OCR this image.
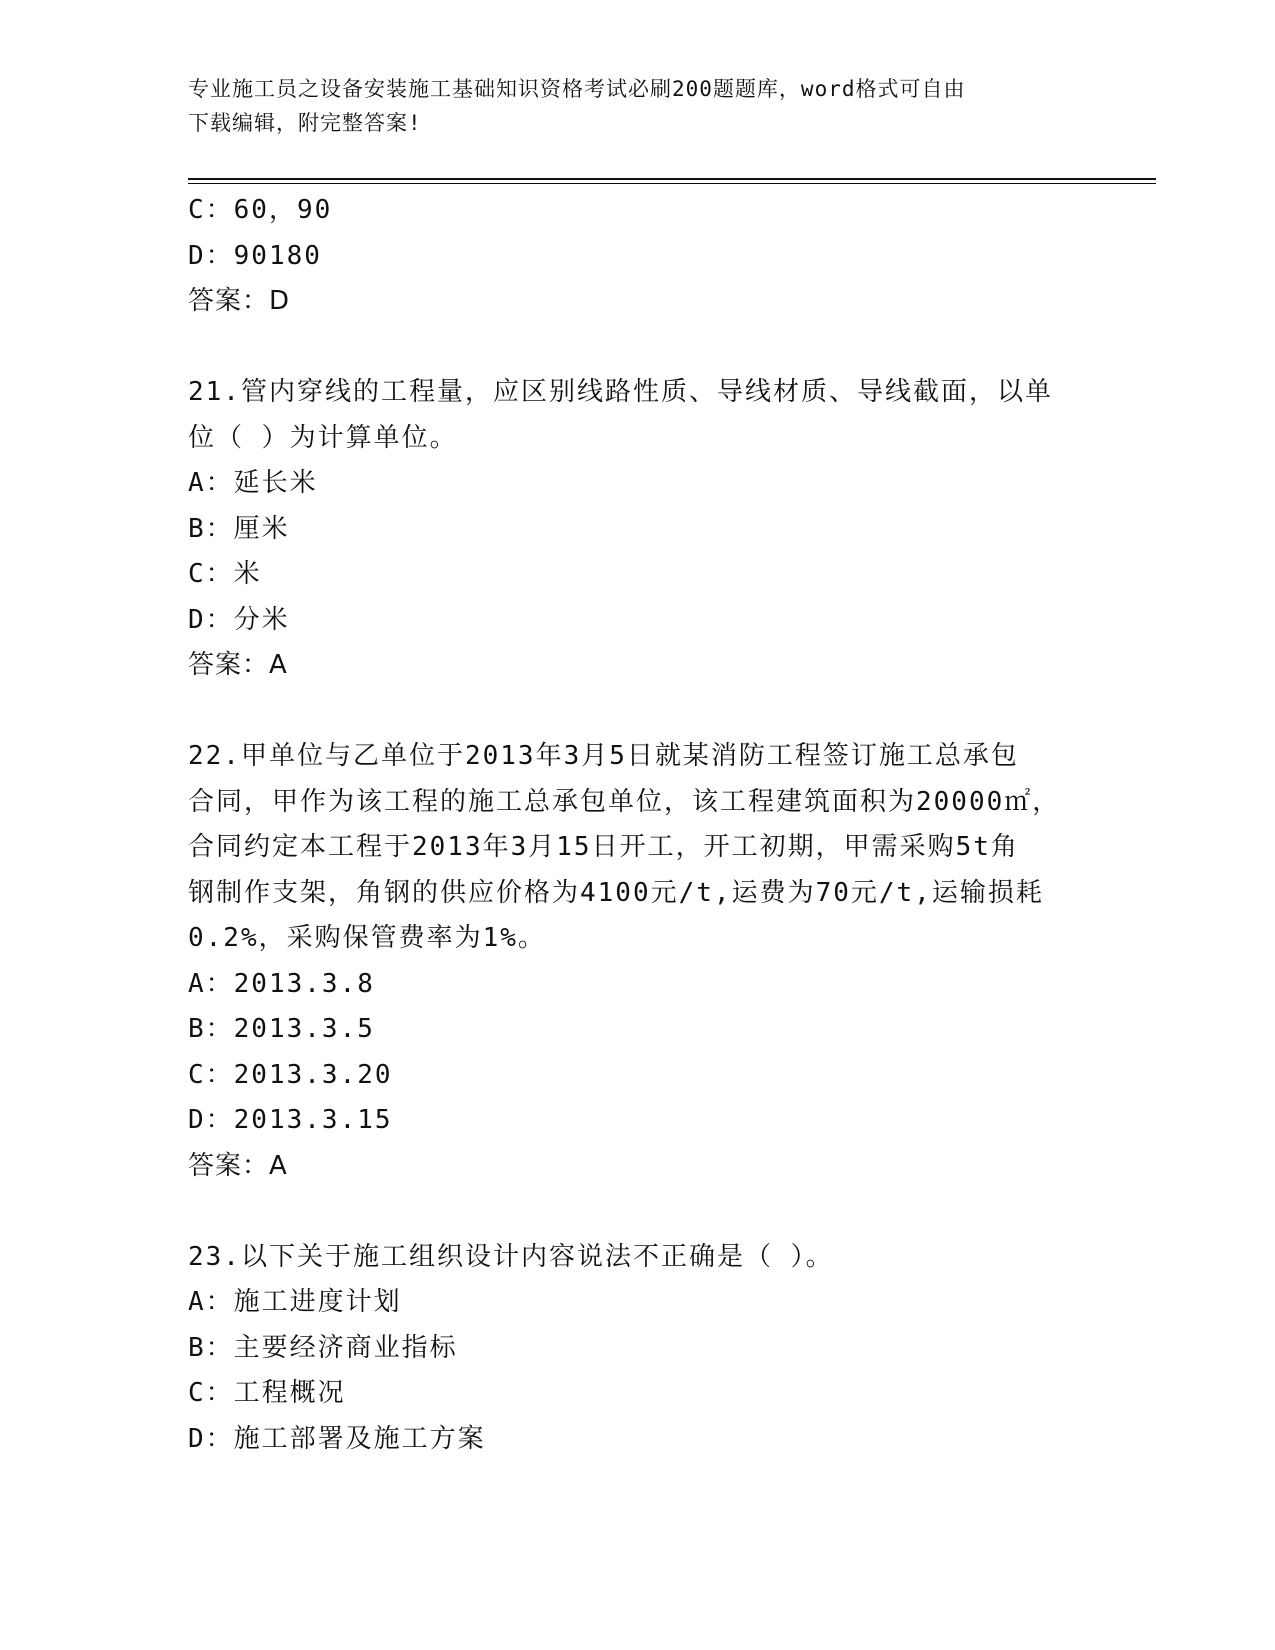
专业施工员之设备安装施工基础知识资格考试必刷200题题库，word格式可自由
下载编辑，附完整答案!
C：60，90
D：90180
答案：D
21.管内穿线的工程量，应区别线路性质、导线材质、导线截面，以单
位（ ）为计算单位。
A：延长米
B：厘米
C：米
D：分米
答案：A
22.甲单位与乙单位于2013年3月5日就某消防工程签订施工总承包
合同，甲作为该工程的施工总承包单位，该工程建筑面积为20000㎡，
合同约定本工程于2013年3月15日开工，开工初期，甲需采购5t角
钢制作支架，角钢的供应价格为4100元/t,运费为70元/t,运输损耗
0.2%，采购保管费率为1%。
A：2013.3.8
B：2013.3.5
C：2013.3.20
D：2013.3.15
答案：A
23.以下关于施工组织设计内容说法不正确是（ ）。
A：施工进度计划
B：主要经济商业指标
C：工程概况
D：施工部署及施工方案
